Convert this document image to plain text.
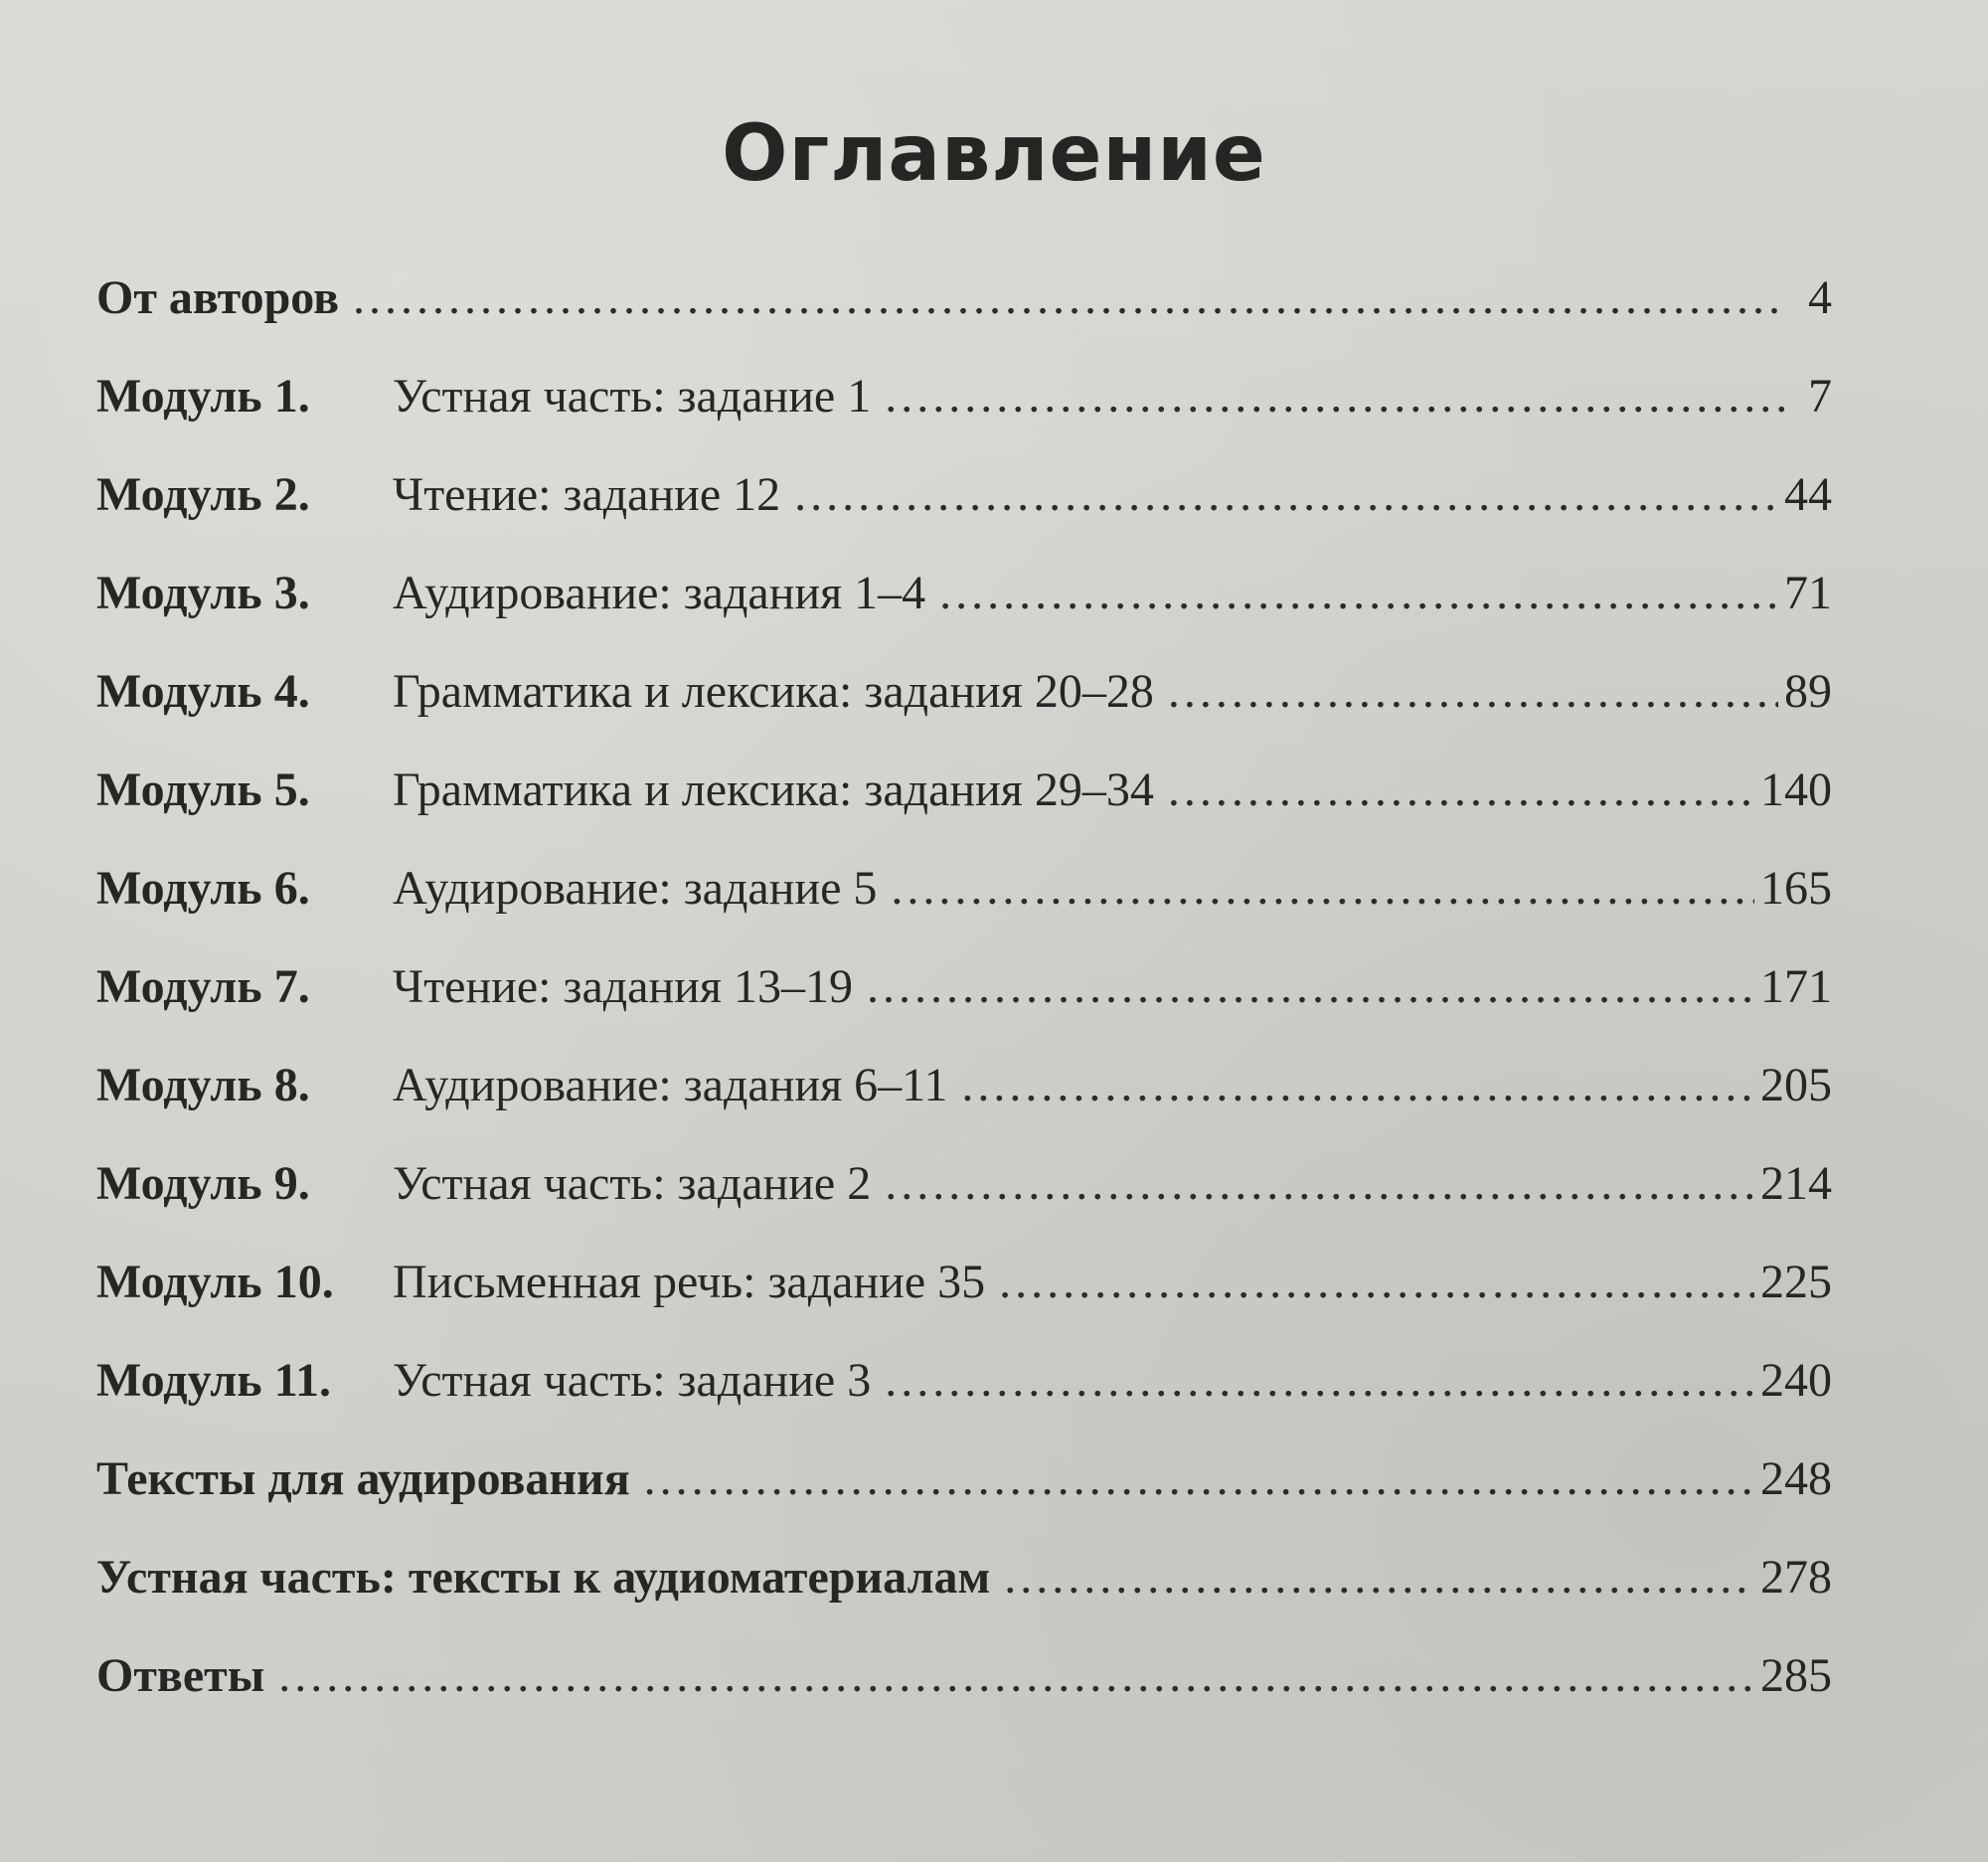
Оглавление
От авторов .....	4
Модуль 1.	Устная часть: задание 1 .....	7
Модуль 2.	Чтение: задание 12 .....	44
Модуль 3.	Аудирование: задания 1–4 .....	71
Модуль 4.	Грамматика и лексика: задания 20–28 .....	89
Модуль 5.	Грамматика и лексика: задания 29–34 .....	140
Модуль 6.	Аудирование: задание 5 .....	165
Модуль 7.	Чтение: задания 13–19 .....	171
Модуль 8.	Аудирование: задания 6–11 .....	205
Модуль 9.	Устная часть: задание 2 .....	214
Модуль 10.	Письменная речь: задание 35 .....	225
Модуль 11.	Устная часть: задание 3 .....	240
Тексты для аудирования .....	248
Устная часть: тексты к аудиоматериалам .....	278
Ответы .....	285
